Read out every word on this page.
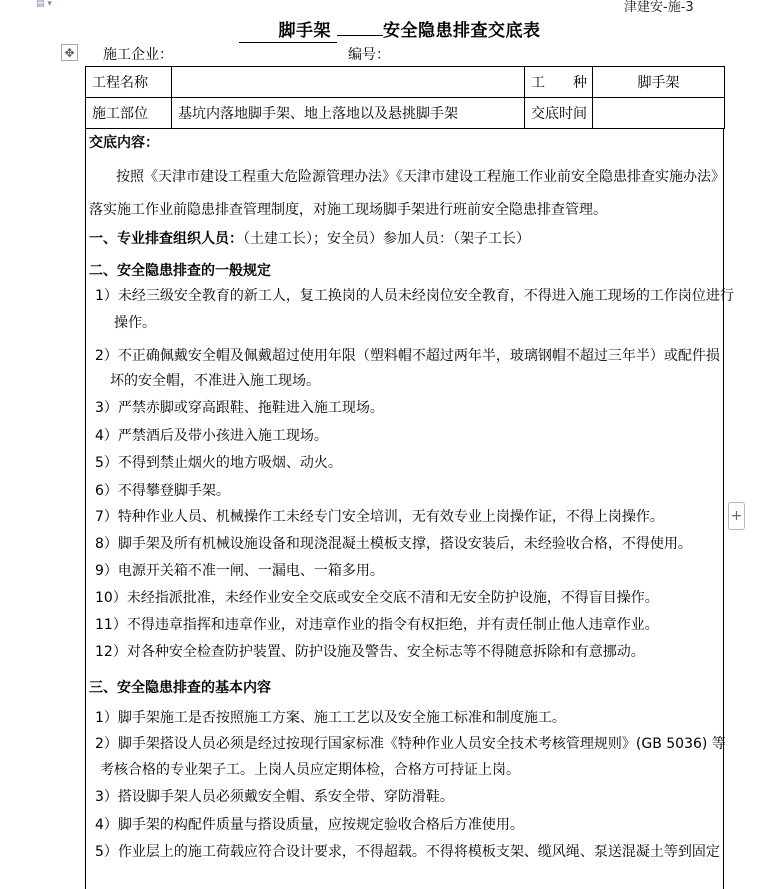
▤ ▾	津建安-施-3
脚手架	安全隐患排查交底表
✥ 施工企业：	编号：
工程名称		工　　种	脚手架
施工部位	基坑内落地脚手架、地上落地以及悬挑脚手架	交底时间	
+
交底内容：
按照《天津市建设工程重大危险源管理办法》《天津市建设工程施工作业前安全隐患排查实施办法》
落实施工作业前隐患排查管理制度，对施工现场脚手架进行班前安全隐患排查管理。
一、专业排查组织人员：（土建工长）；安全员）参加人员：（架子工长）
二、安全隐患排查的一般规定
1）未经三级安全教育的新工人，复工换岗的人员未经岗位安全教育，不得进入施工现场的工作岗位进行
操作。
2）不正确佩戴安全帽及佩戴超过使用年限（塑料帽不超过两年半，玻璃钢帽不超过三年半）或配件损
坏的安全帽，不准进入施工现场。
3）严禁赤脚或穿高跟鞋、拖鞋进入施工现场。
4）严禁酒后及带小孩进入施工现场。
5）不得到禁止烟火的地方吸烟、动火。
6）不得攀登脚手架。
7）特种作业人员、机械操作工未经专门安全培训，无有效专业上岗操作证，不得上岗操作。
8）脚手架及所有机械设施设备和现浇混凝土模板支撑，搭设安装后，未经验收合格，不得使用。
9）电源开关箱不准一闸、一漏电、一箱多用。
10）未经指派批准，未经作业安全交底或安全交底不清和无安全防护设施，不得盲目操作。
11）不得违章指挥和违章作业，对违章作业的指令有权拒绝，并有责任制止他人违章作业。
12）对各种安全检查防护装置、防护设施及警告、安全标志等不得随意拆除和有意挪动。
三、安全隐患排查的基本内容
1）脚手架施工是否按照施工方案、施工工艺以及安全施工标准和制度施工。
2）脚手架搭设人员必须是经过按现行国家标准《特种作业人员安全技术考核管理规则》(GB 5036) 等
考核合格的专业架子工。上岗人员应定期体检，合格方可持证上岗。
3）搭设脚手架人员必须戴安全帽、系安全带、穿防滑鞋。
4）脚手架的构配件质量与搭设质量，应按规定验收合格后方准使用。
5）作业层上的施工荷载应符合设计要求，不得超载。不得将模板支架、缆风绳、泵送混凝土等到固定
